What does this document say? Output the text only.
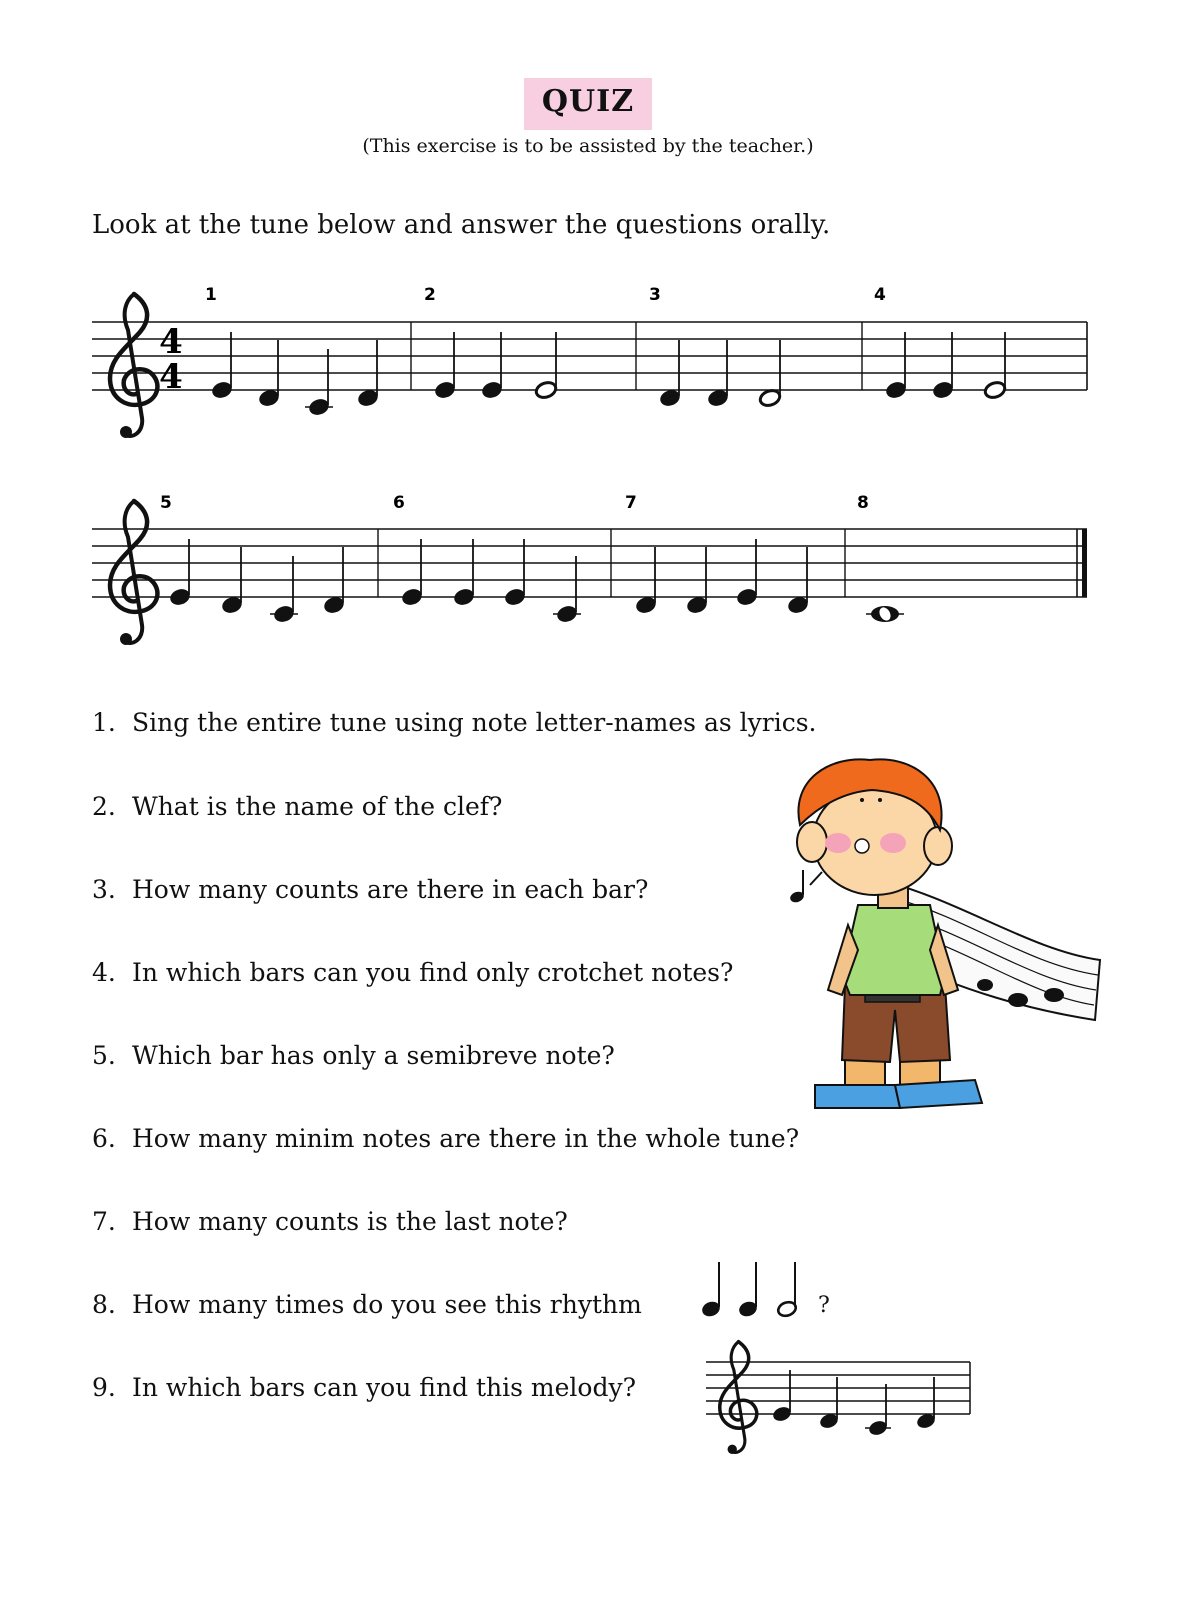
QUIZ
(This exercise is to be assisted by the teacher.)
Look at the tune below and answer the questions orally.
4
4
1	2	3	4
5	6	7	8
1. Sing the entire tune using note letter-names as lyrics.
2. What is the name of the clef?
3. How many counts are there in each bar?
4. In which bars can you find only crotchet notes?
5. Which bar has only a semibreve note?
6. How many minim notes are there in the whole tune?
7. How many counts is the last note?
8. How many times do you see this rhythm	?
9. In which bars can you find this melody?
